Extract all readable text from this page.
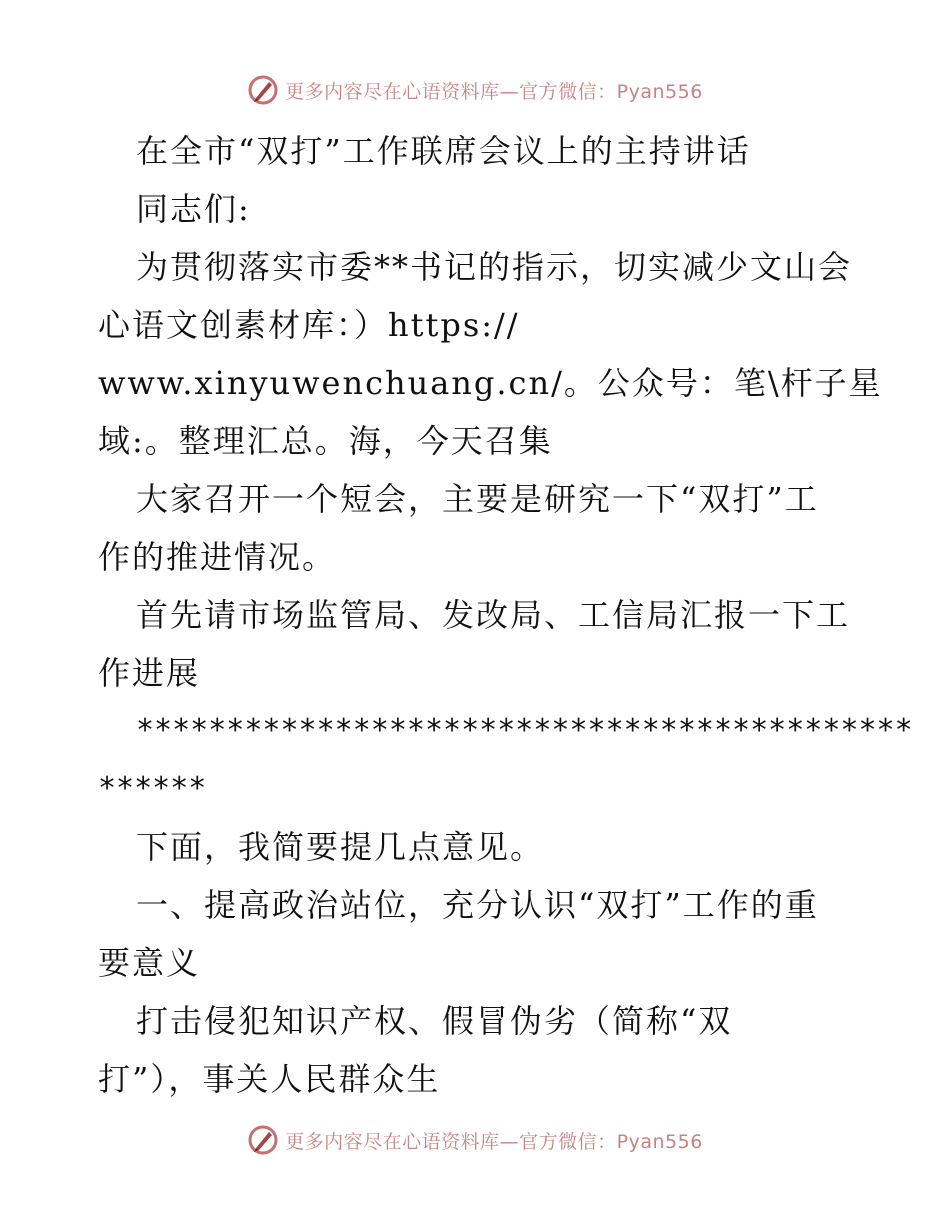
更多内容尽在心语资料库—官方微信：Pyan556
在全市“双打”工作联席会议上的主持讲话
同志们:
为贯彻落实市委**书记的指示，切实减少文山会
心语文创素材库：）https://
www.xinyuwenchuang.cn/。公众号：笔\杆子星
域:。整理汇总。海，今天召集
大家召开一个短会，主要是研究一下“双打”工
作的推进情况。
首先请市场监管局、发改局、工信局汇报一下工
作进展
*******************************************
******
下面，我简要提几点意见。
一、提高政治站位，充分认识“双打”工作的重
要意义
打击侵犯知识产权、假冒伪劣（简称“双
打”），事关人民群众生
更多内容尽在心语资料库—官方微信：Pyan556
